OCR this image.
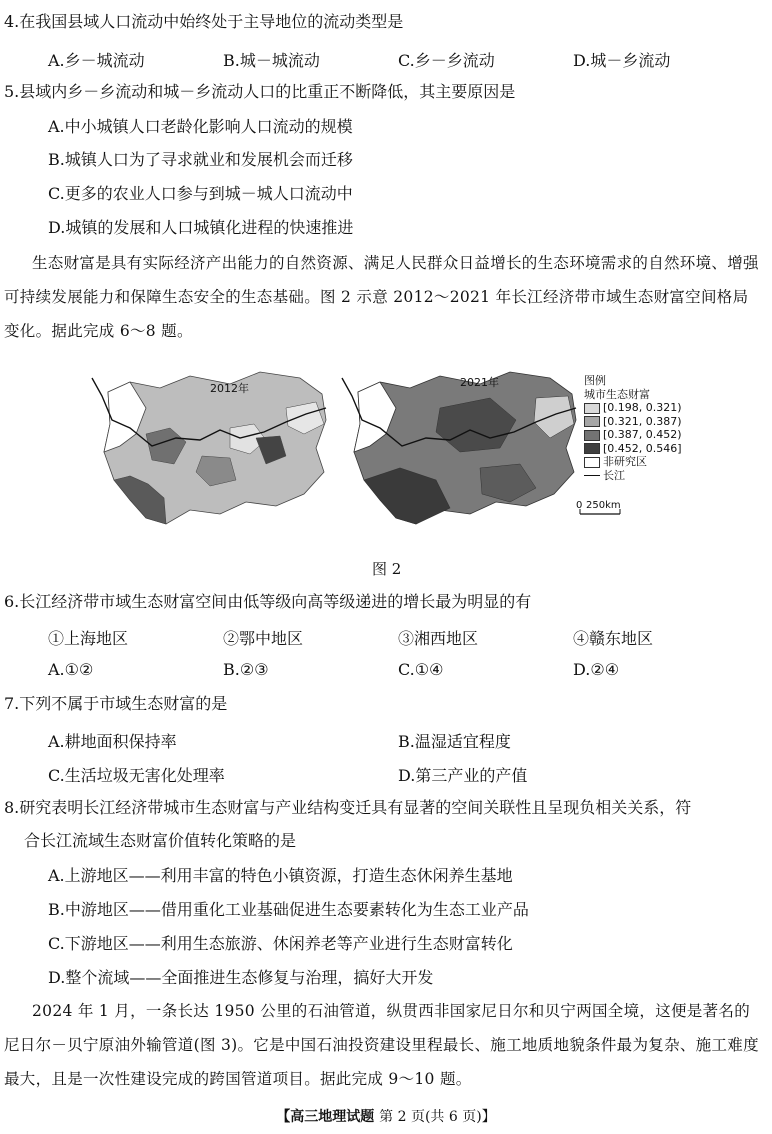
4.在我国县域人口流动中始终处于主导地位的流动类型是
A.乡－城流动	B.城－城流动	C.乡－乡流动	D.城－乡流动
5.县域内乡－乡流动和城－乡流动人口的比重正不断降低，其主要原因是
A.中小城镇人口老龄化影响人口流动的规模
B.城镇人口为了寻求就业和发展机会而迁移
C.更多的农业人口参与到城－城人口流动中
D.城镇的发展和人口城镇化进程的快速推进
生态财富是具有实际经济产出能力的自然资源、满足人民群众日益增长的生态环境需求的自然环境、增强可持续发展能力和保障生态安全的生态基础。图 2 示意 2012～2021 年长江经济带市域生态财富空间格局变化。据此完成 6～8 题。
2012年	2021年
0 250km
图例
城市生态财富
[0.198, 0.321)
[0.321, 0.387)
[0.387, 0.452)
[0.452, 0.546]
非研究区
长江
图 2
6.长江经济带市域生态财富空间由低等级向高等级递进的增长最为明显的有
①上海地区	②鄂中地区	③湘西地区	④赣东地区
A.①②	B.②③	C.①④	D.②④
7.下列不属于市域生态财富的是
A.耕地面积保持率	B.温湿适宜程度
C.生活垃圾无害化处理率	D.第三产业的产值
8.研究表明长江经济带城市生态财富与产业结构变迁具有显著的空间关联性且呈现负相关关系，符
合长江流域生态财富价值转化策略的是
A.上游地区——利用丰富的特色小镇资源，打造生态休闲养生基地
B.中游地区——借用重化工业基础促进生态要素转化为生态工业产品
C.下游地区——利用生态旅游、休闲养老等产业进行生态财富转化
D.整个流域——全面推进生态修复与治理，搞好大开发
2024 年 1 月，一条长达 1950 公里的石油管道，纵贯西非国家尼日尔和贝宁两国全境，这便是著名的尼日尔－贝宁原油外输管道(图 3)。它是中国石油投资建设里程最长、施工地质地貌条件最为复杂、施工难度最大，且是一次性建设完成的跨国管道项目。据此完成 9～10 题。
【高三地理试题 第 2 页(共 6 页)】
